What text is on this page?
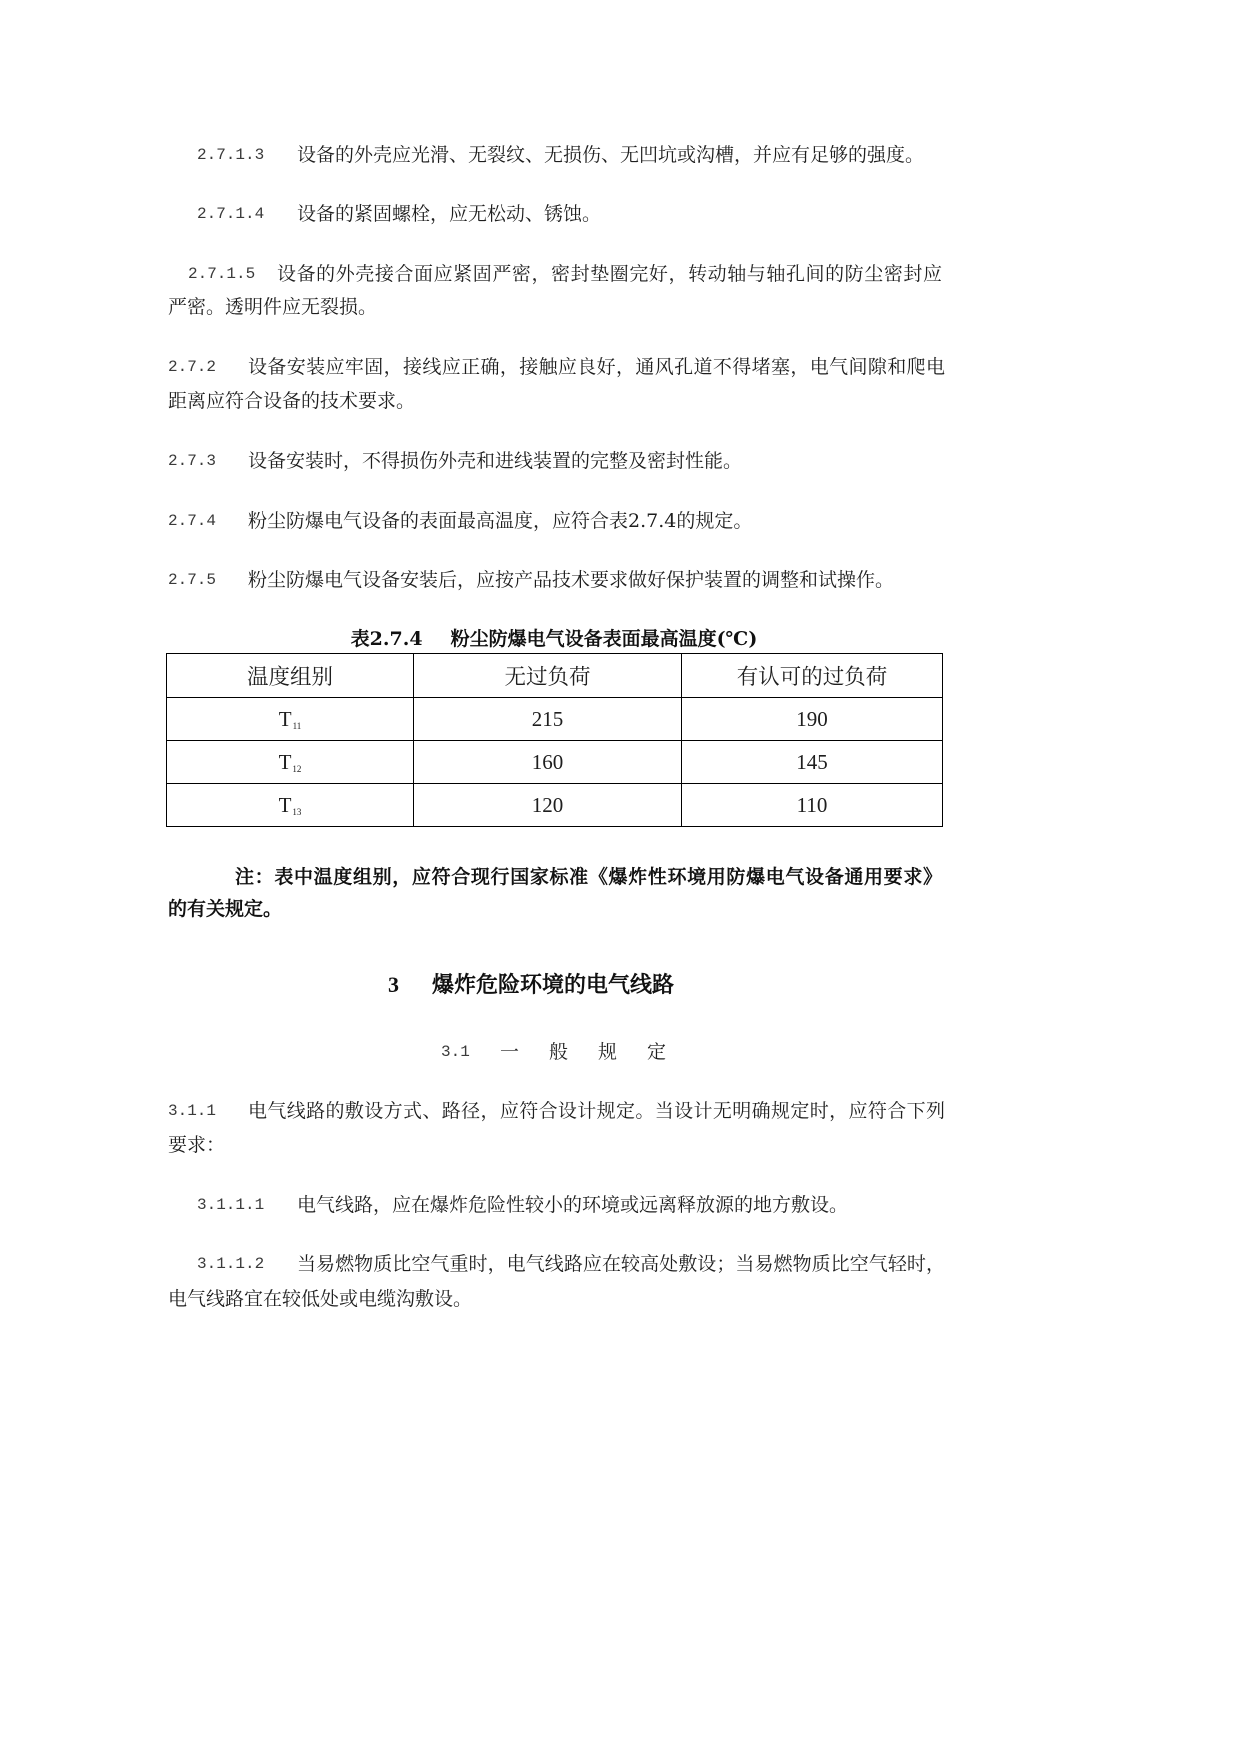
2.7.1.3 设备的外壳应光滑、无裂纹、无损伤、无凹坑或沟槽，并应有足够的强度。
2.7.1.4 设备的紧固螺栓，应无松动、锈蚀。
2.7.1.5 设备的外壳接合面应紧固严密，密封垫圈完好，转动轴与轴孔间的防尘密封应
严密。透明件应无裂损。
2.7.2 设备安装应牢固，接线应正确，接触应良好，通风孔道不得堵塞，电气间隙和爬电
距离应符合设备的技术要求。
2.7.3 设备安装时，不得损伤外壳和进线装置的完整及密封性能。
2.7.4 粉尘防爆电气设备的表面最高温度，应符合表2.7.4的规定。
2.7.5 粉尘防爆电气设备安装后，应按产品技术要求做好保护装置的调整和试操作。
表2.7.4 粉尘防爆电气设备表面最高温度(℃)
温度组别	无过负荷	有认可的过负荷
$T_{11}$	215	190
$T_{12}$	160	145
$T_{13}$	120	110
注：表中温度组别，应符合现行国家标准《爆炸性环境用防爆电气设备通用要求》
的有关规定。
3 爆炸危险环境的电气线路
3.1 一　般　规　定
3.1.1 电气线路的敷设方式、路径，应符合设计规定。当设计无明确规定时，应符合下列
要求：
3.1.1.1 电气线路，应在爆炸危险性较小的环境或远离释放源的地方敷设。
3.1.1.2 当易燃物质比空气重时，电气线路应在较高处敷设；当易燃物质比空气轻时，
电气线路宜在较低处或电缆沟敷设。
